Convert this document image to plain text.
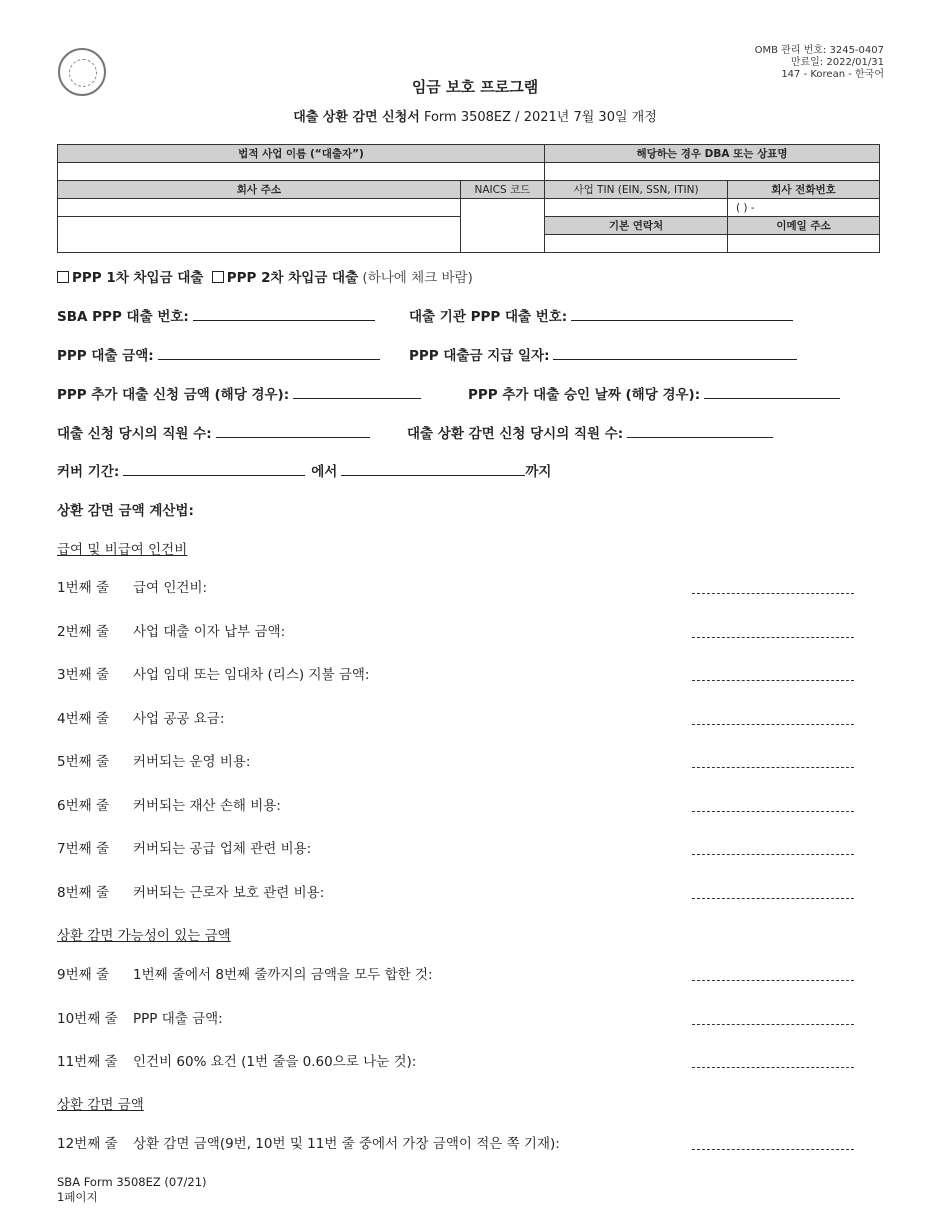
OMB 관리 번호: 3245-0407
만료일: 2022/01/31
147 - Korean - 한국어
임금 보호 프로그램
대출 상환 감면 신청서 Form 3508EZ / 2021년 7월 30일 개정
법적 사업 이름 (“대출자”)		해당하는 경우 DBA 또는 상표명	

회사 주소	NAICS 코드	사업 TIN (EIN, SSN, ITIN)	회사 전화번호
			( ) -
		기본 연락처	이메일 주소

PPP 1차 차입금 대출 PPP 2차 차입금 대출 (하나에 체크 바람)
SBA PPP 대출 번호:	대출 기관 PPP 대출 번호:
PPP 대출 금액:	PPP 대출금 지급 일자:
PPP 추가 대출 신청 금액 (해당 경우):	PPP 추가 대출 승인 날짜 (해당 경우):
대출 신청 당시의 직원 수:	대출 상환 감면 신청 당시의 직원 수:
커버 기간:	에서	까지
상환 감면 금액 계산법:
급여 및 비급여 인건비
1번째 줄 급여 인건비:
2번째 줄 사업 대출 이자 납부 금액:
3번째 줄 사업 임대 또는 임대차 (리스) 지불 금액:
4번째 줄 사업 공공 요금:
5번째 줄 커버되는 운영 비용:
6번째 줄 커버되는 재산 손해 비용:
7번째 줄 커버되는 공급 업체 관련 비용:
8번째 줄 커버되는 근로자 보호 관련 비용:
상환 감면 가능성이 있는 금액
9번째 줄 1번째 줄에서 8번째 줄까지의 금액을 모두 합한 것:
10번째 줄 PPP 대출 금액:
11번째 줄 인건비 60% 요건 (1번 줄을 0.60으로 나눈 것):
상환 감면 금액
12번째 줄 상환 감면 금액(9번, 10번 및 11번 줄 중에서 가장 금액이 적은 쪽 기재):
SBA Form 3508EZ (07/21)
1페이지
